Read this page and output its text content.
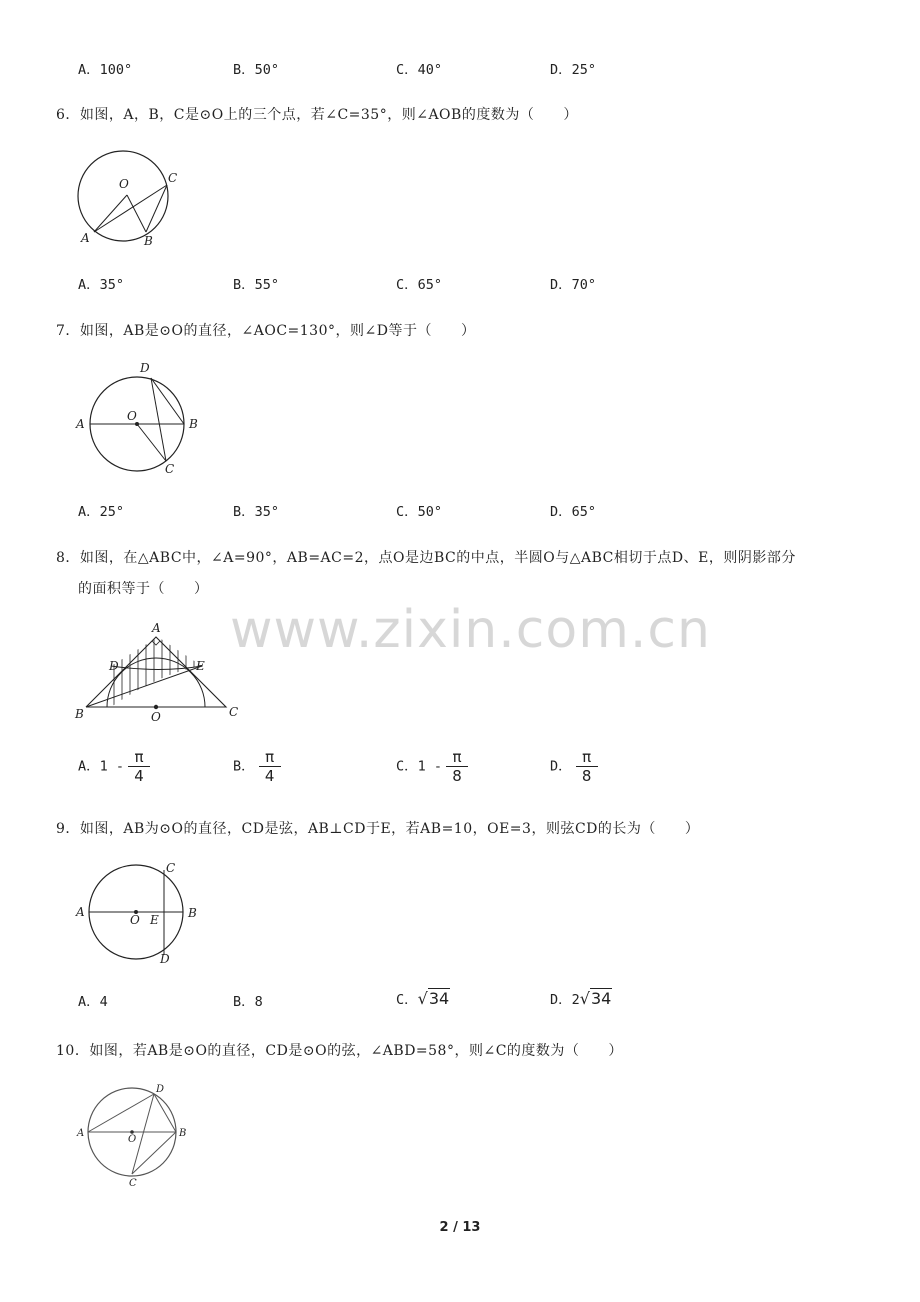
A．100°	B．50°	C．40°	D．25°
6．如图，A，B，C是⊙O上的三个点，若∠C=35°，则∠AOB的度数为（　　）
O
A	B
C
A．35°	B．55°	C．65°	D．70°
7．如图，AB是⊙O的直径，∠AOC=130°，则∠D等于（　　）
D
A
O
B
C
A．25°	B．35°	C．50°	D．65°
8．如图，在△ABC中，∠A=90°，AB=AC=2，点O是边BC的中点，半圆O与△ABC相切于点D、E，则阴影部分
的面积等于（　　）
www.zixin.com.cn
A
D	E
B	O	C
A．$1 - \frac{\pi}{4}$	B． $\frac{\pi}{4}$	C．$1 - \frac{\pi}{8}$	D． $\frac{\pi}{8}$
9．如图，AB为⊙O的直径，CD是弦，AB⊥CD于E，若AB=10，OE=3，则弦CD的长为（　　）
C
A	B
O E
D
A．4	B．8	C．√34	D．2√34
10．如图，若AB是⊙O的直径，CD是⊙O的弦，∠ABD=58°，则∠C的度数为（　　）
D
A
O
B
C
2 / 13
